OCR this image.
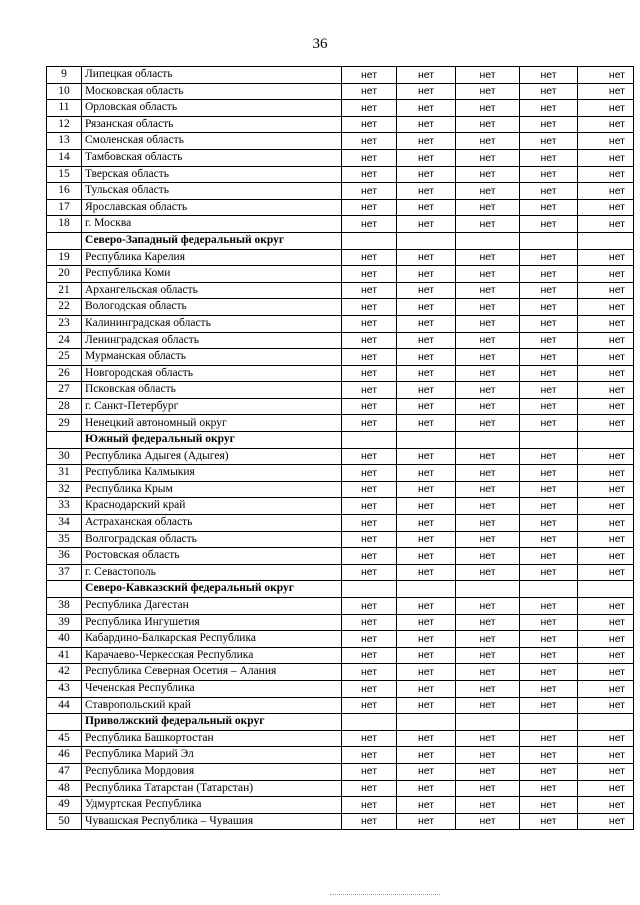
36
9	Липецкая область	нет	нет	нет	нет	нет
10	Московская область	нет	нет	нет	нет	нет
11	Орловская область	нет	нет	нет	нет	нет
12	Рязанская область	нет	нет	нет	нет	нет
13	Смоленская область	нет	нет	нет	нет	нет
14	Тамбовская область	нет	нет	нет	нет	нет
15	Тверская область	нет	нет	нет	нет	нет
16	Тульская область	нет	нет	нет	нет	нет
17	Ярославская область	нет	нет	нет	нет	нет
18	г. Москва	нет	нет	нет	нет	нет
	Северо-Западный федеральный округ					
19	Республика Карелия	нет	нет	нет	нет	нет
20	Республика Коми	нет	нет	нет	нет	нет
21	Архангельская область	нет	нет	нет	нет	нет
22	Вологодская область	нет	нет	нет	нет	нет
23	Калининградская область	нет	нет	нет	нет	нет
24	Ленинградская область	нет	нет	нет	нет	нет
25	Мурманская область	нет	нет	нет	нет	нет
26	Новгородская область	нет	нет	нет	нет	нет
27	Псковская область	нет	нет	нет	нет	нет
28	г. Санкт-Петербург	нет	нет	нет	нет	нет
29	Ненецкий автономный округ	нет	нет	нет	нет	нет
	Южный федеральный округ					
30	Республика Адыгея (Адыгея)	нет	нет	нет	нет	нет
31	Республика Калмыкия	нет	нет	нет	нет	нет
32	Республика Крым	нет	нет	нет	нет	нет
33	Краснодарский край	нет	нет	нет	нет	нет
34	Астраханская область	нет	нет	нет	нет	нет
35	Волгоградская область	нет	нет	нет	нет	нет
36	Ростовская область	нет	нет	нет	нет	нет
37	г. Севастополь	нет	нет	нет	нет	нет
	Северо-Кавказский федеральный округ					
38	Республика Дагестан	нет	нет	нет	нет	нет
39	Республика Ингушетия	нет	нет	нет	нет	нет
40	Кабардино-Балкарская Республика	нет	нет	нет	нет	нет
41	Карачаево-Черкесская Республика	нет	нет	нет	нет	нет
42	Республика Северная Осетия – Алания	нет	нет	нет	нет	нет
43	Чеченская Республика	нет	нет	нет	нет	нет
44	Ставропольский край	нет	нет	нет	нет	нет
	Приволжский федеральный округ					
45	Республика Башкортостан	нет	нет	нет	нет	нет
46	Республика Марий Эл	нет	нет	нет	нет	нет
47	Республика Мордовия	нет	нет	нет	нет	нет
48	Республика Татарстан (Татарстан)	нет	нет	нет	нет	нет
49	Удмуртская Республика	нет	нет	нет	нет	нет
50	Чувашская Республика – Чувашия	нет	нет	нет	нет	нет
